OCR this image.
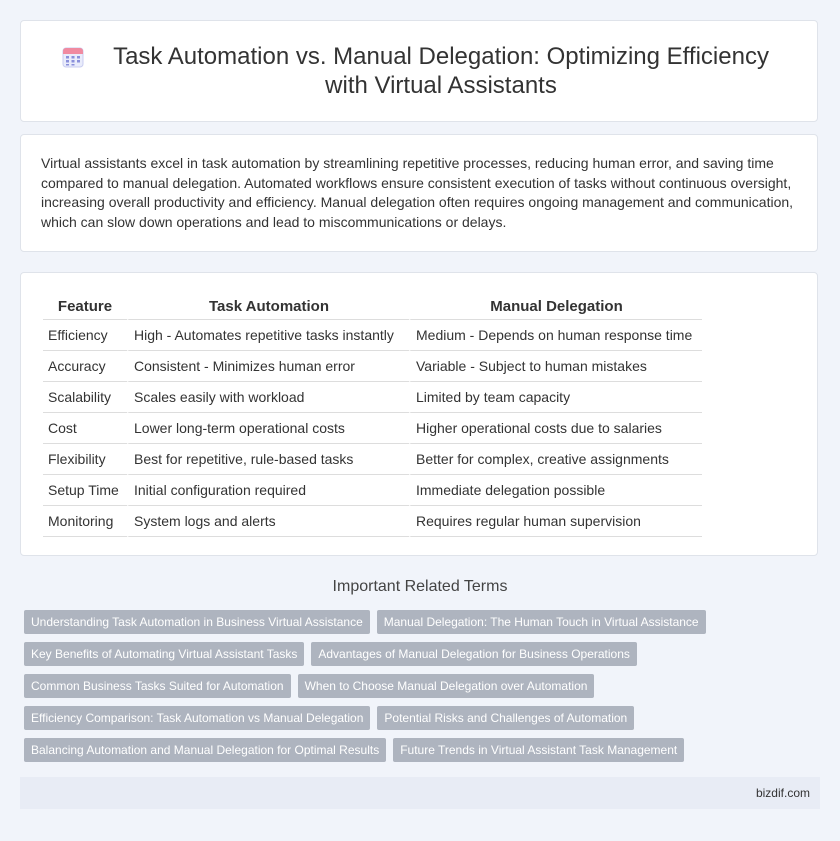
Task Automation vs. Manual Delegation: Optimizing Efficiency with Virtual Assistants

Virtual assistants excel in task automation by streamlining repetitive processes, reducing human error, and saving time compared to manual delegation. Automated workflows ensure consistent execution of tasks without continuous oversight, increasing overall productivity and efficiency. Manual delegation often requires ongoing management and communication, which can slow down operations and lead to miscommunications or delays.

Feature	Task Automation	Manual Delegation
Efficiency	High - Automates repetitive tasks instantly	Medium - Depends on human response time
Accuracy	Consistent - Minimizes human error	Variable - Subject to human mistakes
Scalability	Scales easily with workload	Limited by team capacity
Cost	Lower long-term operational costs	Higher operational costs due to salaries
Flexibility	Best for repetitive, rule-based tasks	Better for complex, creative assignments
Setup Time	Initial configuration required	Immediate delegation possible
Monitoring	System logs and alerts	Requires regular human supervision
Important Related Terms
Understanding Task Automation in Business Virtual Assistance	Manual Delegation: The Human Touch in Virtual Assistance
Key Benefits of Automating Virtual Assistant Tasks	Advantages of Manual Delegation for Business Operations
Common Business Tasks Suited for Automation	When to Choose Manual Delegation over Automation
Efficiency Comparison: Task Automation vs Manual Delegation	Potential Risks and Challenges of Automation
Balancing Automation and Manual Delegation for Optimal Results	Future Trends in Virtual Assistant Task Management
bizdif.com
